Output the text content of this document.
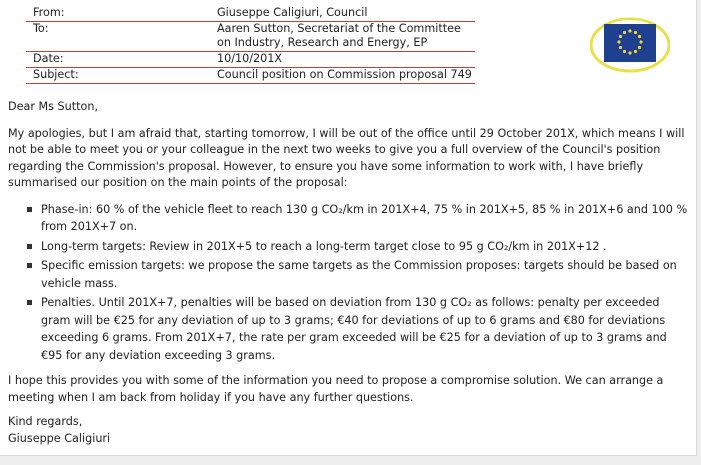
From:	Giuseppe Caligiuri, Council
To:	Aaren Sutton, Secretariat of the Committee on Industry, Research and Energy, EP
Date:	10/10/201X
Subject:	Council position on Commission proposal 749

Dear Ms Sutton,

My apologies, but I am afraid that, starting tomorrow, I will be out of the office until 29 October 201X, which means I will not be able to meet you or your colleague in the next two weeks to give you a full overview of the Council's position regarding the Commission's proposal. However, to ensure you have some information to work with, I have briefly summarised our position on the main points of the proposal:

Phase-in: 60 % of the vehicle fleet to reach 130 g CO₂/km in 201X+4, 75 % in 201X+5, 85 % in 201X+6 and 100 % from 201X+7 on.
Long-term targets: Review in 201X+5 to reach a long-term target close to 95 g CO₂/km in 201X+12 .
Specific emission targets: we propose the same targets as the Commission proposes: targets should be based on vehicle mass.
Penalties. Until 201X+7, penalties will be based on deviation from 130 g CO₂ as follows: penalty per exceeded gram will be €25 for any deviation of up to 3 grams; €40 for deviations of up to 6 grams and €80 for deviations exceeding 6 grams. From 201X+7, the rate per gram exceeded will be €25 for a deviation of up to 3 grams and €95 for any deviation exceeding 3 grams.

I hope this provides you with some of the information you need to propose a compromise solution. We can arrange a meeting when I am back from holiday if you have any further questions.

Kind regards,

Giuseppe Caligiuri
